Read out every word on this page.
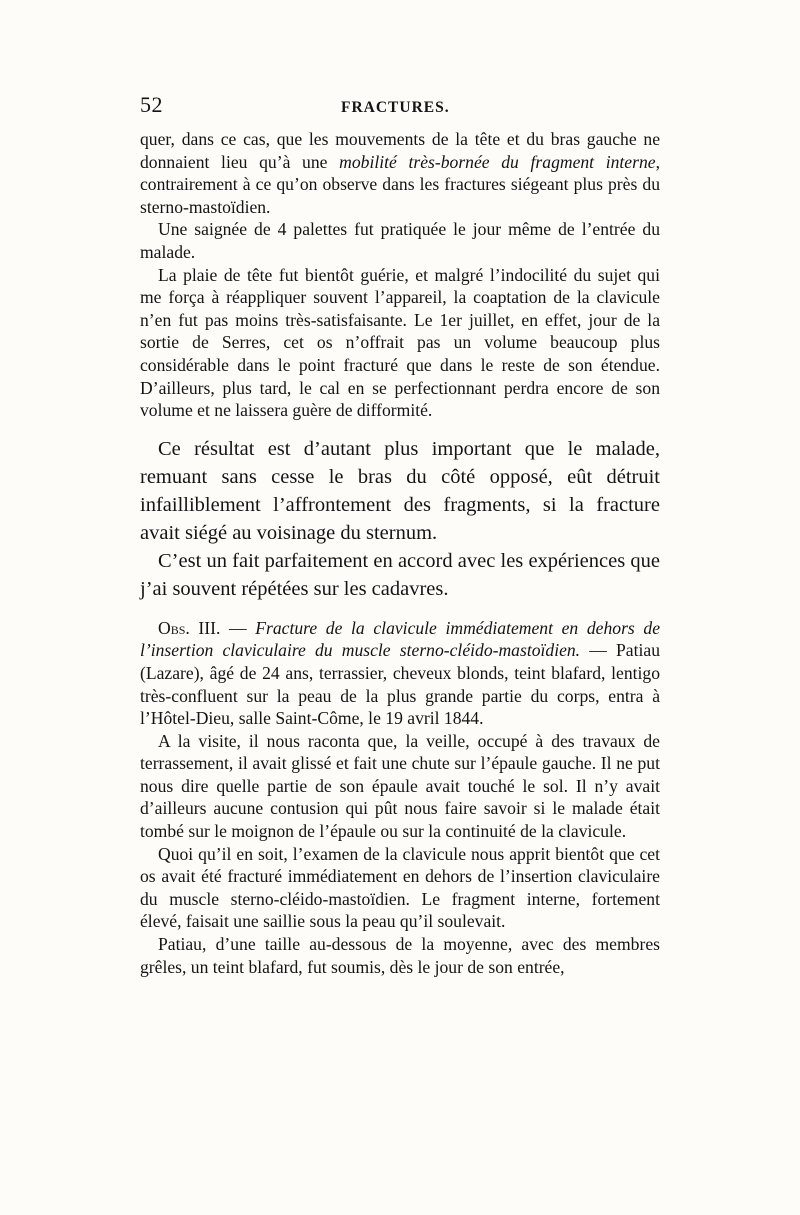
52	FRACTURES.

quer, dans ce cas, que les mouvements de la tête et du bras gauche ne donnaient lieu qu’à une mobilité très-bornée du fragment interne, contrairement à ce qu’on observe dans les fractures siégeant plus près du sterno-mastoïdien.

Une saignée de 4 palettes fut pratiquée le jour même de l’entrée du malade.

La plaie de tête fut bientôt guérie, et malgré l’indocilité du sujet qui me força à réappliquer souvent l’appareil, la coaptation de la clavicule n’en fut pas moins très-satisfaisante. Le 1er juillet, en effet, jour de la sortie de Serres, cet os n’offrait pas un volume beaucoup plus considérable dans le point fracturé que dans le reste de son étendue. D’ailleurs, plus tard, le cal en se perfectionnant perdra encore de son volume et ne laissera guère de difformité.

Ce résultat est d’autant plus important que le malade, remuant sans cesse le bras du côté opposé, eût détruit infailliblement l’affrontement des fragments, si la fracture avait siégé au voisinage du sternum.

C’est un fait parfaitement en accord avec les expériences que j’ai souvent répétées sur les cadavres.

Obs. III. — Fracture de la clavicule immédiatement en dehors de l’insertion claviculaire du muscle sterno-cléido-mastoïdien. — Patiau (Lazare), âgé de 24 ans, terrassier, cheveux blonds, teint blafard, lentigo très-confluent sur la peau de la plus grande partie du corps, entra à l’Hôtel-Dieu, salle Saint-Côme, le 19 avril 1844.

A la visite, il nous raconta que, la veille, occupé à des travaux de terrassement, il avait glissé et fait une chute sur l’épaule gauche. Il ne put nous dire quelle partie de son épaule avait touché le sol. Il n’y avait d’ailleurs aucune contusion qui pût nous faire savoir si le malade était tombé sur le moignon de l’épaule ou sur la continuité de la clavicule.

Quoi qu’il en soit, l’examen de la clavicule nous apprit bientôt que cet os avait été fracturé immédiatement en dehors de l’insertion claviculaire du muscle sterno-cléido-mastoïdien. Le fragment interne, fortement élevé, faisait une saillie sous la peau qu’il soulevait.

Patiau, d’une taille au-dessous de la moyenne, avec des membres grêles, un teint blafard, fut soumis, dès le jour de son entrée,
